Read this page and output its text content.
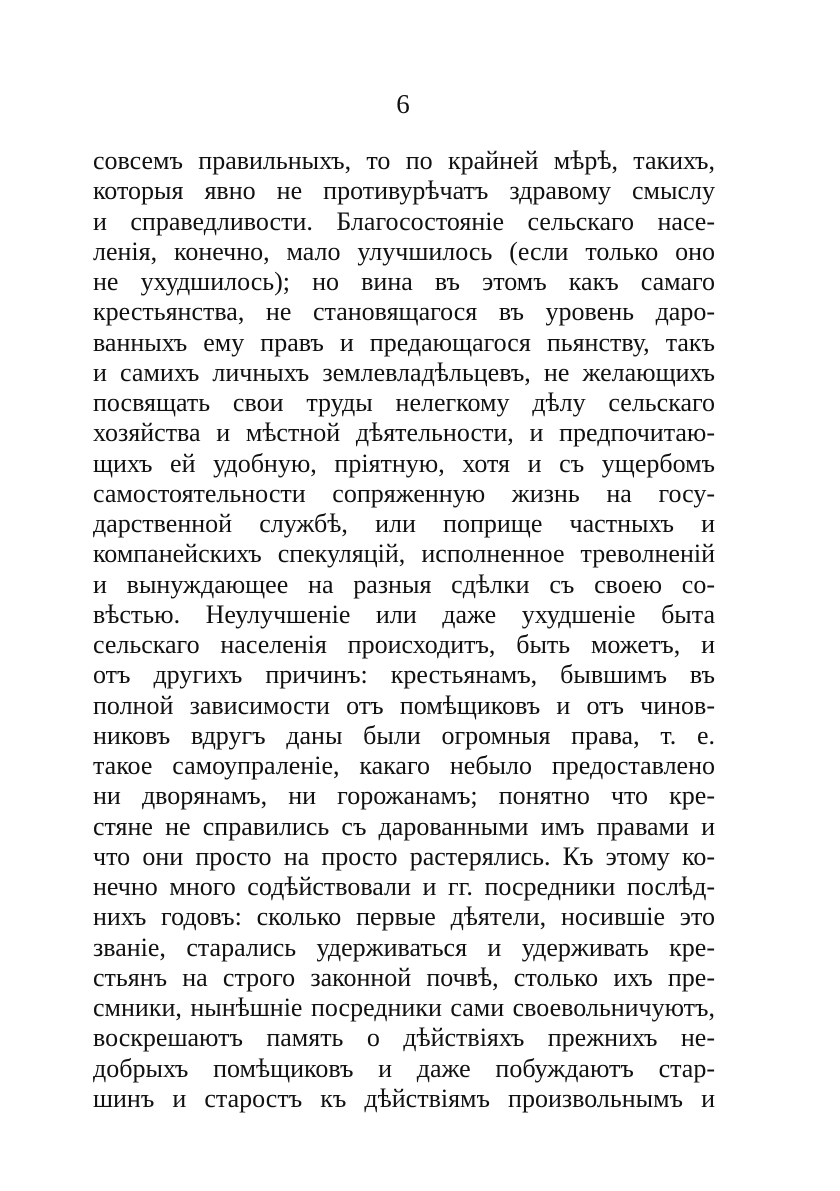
6
совсемъ правильныхъ, то по крайней мѣрѣ, такихъ,
которыя явно не противурѣчатъ здравому смыслу
и справедливости. Благосостояніе сельскаго насе-
ленія, конечно, мало улучшилось (если только оно
не ухудшилось); но вина въ этомъ какъ самаго
крестьянства, не становящагося въ уровень даро-
ванныхъ ему правъ и предающагося пьянству, такъ
и самихъ личныхъ землевладѣльцевъ, не желающихъ
посвящать свои труды нелегкому дѣлу сельскаго
хозяйства и мѣстной дѣятельности, и предпочитаю-
щихъ ей удобную, пріятную, хотя и съ ущербомъ
самостоятельности сопряженную жизнь на госу-
дарственной службѣ, или поприще частныхъ и
компанейскихъ спекуляцій, исполненное треволненій
и вынуждающее на разныя сдѣлки съ своею со-
вѣстью. Неулучшеніе или даже ухудшеніе быта
сельскаго населенія происходитъ, быть можетъ, и
отъ другихъ причинъ: крестьянамъ, бывшимъ въ
полной зависимости отъ помѣщиковъ и отъ чинов-
никовъ вдругъ даны были огромныя права, т. е.
такое самоупраленіе, какаго небыло предоставлено
ни дворянамъ, ни горожанамъ; понятно что кре-
стяне не справились съ дарованными имъ правами и
что они просто на просто растерялись. Къ этому ко-
нечно много содѣйствовали и гг. посредники послѣд-
нихъ годовъ: сколько первые дѣятели, носившіе это
званіе, старались удерживаться и удерживать кре-
стьянъ на строго законной почвѣ, столько ихъ пре-
смники, нынѣшніе посредники сами своевольничуютъ,
воскрешаютъ память о дѣйствіяхъ прежнихъ не-
добрыхъ помѣщиковъ и даже побуждаютъ стар-
шинъ и старостъ къ дѣйствіямъ произвольнымъ и
